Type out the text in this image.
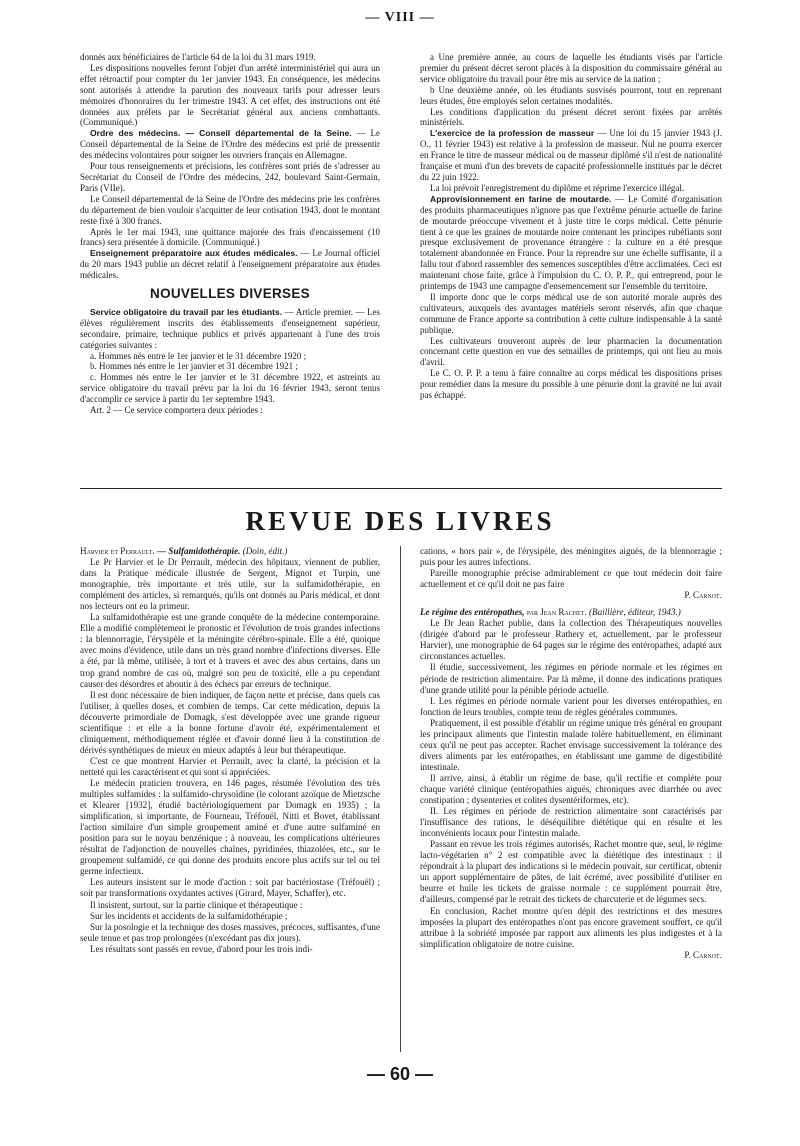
— VIII —

donnés aux bénéficiaires de l'article 64 de la loi du 31 mars 1919.

Les dispositions nouvelles feront l'objet d'un arrêté interministériel qui aura un effet rétroactif pour compter du 1er janvier 1943. En conséquence, les médecins sont autorisés à attendre la parution des nouveaux tarifs pour adresser leurs mémoires d'honoraires du 1er trimestre 1943. A cet effet, des instructions ont été données aux préfets par le Secrétariat général aux anciens combattants. (Communiqué.)

Ordre des médecins. — Conseil départemental de la Seine. — Le Conseil départemental de la Seine de l'Ordre des médecins est prié de pressentir des médecins volontaires pour soigner les ouvriers français en Allemagne.

Pour tous renseignements et précisions, les confrères sont priés de s'adresser au Secrétariat du Conseil de l'Ordre des médecins, 242, boulevard Saint-Germain, Paris (VIIe).

Le Conseil départemental de la Seine de l'Ordre des médecins prie les confrères du département de bien vouloir s'acquitter de leur cotisation 1943, dont le montant reste fixé à 300 francs.

Après le 1er mai 1943, une quittance majorée des frais d'encaissement (10 francs) sera présentée à domicile. (Communiqué.)

Enseignement préparatoire aux études médicales. — Le Journal officiel du 20 mars 1943 publie un décret relatif à l'enseignement préparatoire aux études médicales.

NOUVELLES DIVERSES

Service obligatoire du travail par les étudiants. — Article premier. — Les élèves régulièrement inscrits des établissements d'enseignement supérieur, secondaire, primaire, technique publics et privés appartenant à l'une des trois catégories suivantes :

a. Hommes nés entre le 1er janvier et le 31 décembre 1920 ;

b. Hommes nés entre le 1er janvier et 31 décembre 1921 ;

c. Hommes nés entre le 1er janvier et le 31 décembre 1922, et astreints au service obligatoire du travail prévu par la loi du 16 février 1943, seront tenus d'accomplir ce service à partir du 1er septembre 1943.

Art. 2 — Ce service comportera deux périodes :

a Une première année, au cours de laquelle les étudiants visés par l'article premier du présent décret seront placés à la disposition du commissaire général au service obligatoire du travail pour être mis au service de la nation ;

b Une deuxième année, où les étudiants susvisés pourront, tout en reprenant leurs études, être employés selon certaines modalités.

Les conditions d'application du présent décret seront fixées par arrêtés ministériels.

L'exercice de la profession de masseur — Une loi du 15 janvier 1943 (J. O., 11 février 1943) est relative à la profession de masseur. Nul ne pourra exercer en France le titre de masseur médical ou de masseur diplômé s'il n'est de nationalité française et muni d'un des brevets de capacité professionnelle institués par le décret du 22 juin 1922.

La loi prévoit l'enregistrement du diplôme et réprime l'exercice illégal.

Approvisionnement en farine de moutarde. — Le Comité d'organisation des produits pharmaceutiques n'ignore pas que l'extrême pénurie actuelle de farine de moutarde préoccupe vivement et à juste titre le corps médical. Cette pénurie tient à ce que les graines de moutarde noire contenant les principes rubéfiants sont presque exclusivement de provenance étrangère : la culture en a été presque totalement abandonnée en France. Pour la reprendre sur une échelle suffisante, il a fallu tout d'abord rassembler des semences susceptibles d'être acclimatées. Ceci est maintenant chose faite, grâce à l'impulsion du C. O. P. P., qui entreprend, pour le printemps de 1943 une campagne d'ensemencement sur l'ensemble du territoire.

Il importe donc que le corps médical use de son autorité morale auprès des cultivateurs, auxquels des avantages matériels seront réservés, afin que chaque commune de France apporte sa contribution à cette culture indispensable à la santé publique.

Les cultivateurs trouveront auprès de leur pharmacien la documentation concernant cette question en vue des semailles de printemps, qui ont lieu au mois d'avril.

Le C. O. P. P. a tenu à faire connaître au corps médical les dispositions prises pour remédier dans la mesure du possible à une pénurie dont la gravité ne lui avait pas échappé.

REVUE DES LIVRES

Harvier et Perrault. — Sulfamidothérapie. (Doin, édit.)

Le Pr Harvier et le Dr Perrault, médecin des hôpitaux, viennent de publier, dans la Pratique médicale illustrée de Sergent, Mignot et Turpin, une monographie, très importante et très utile, sur la sulfamidothérapie, en complément des articles, si remarqués, qu'ils ont donnés au Paris médical, et dont nos lecteurs ont eu la primeur.

La sulfamidothérapie est une grande conquête de la médecine contemporaine. Elle a modifié complètement le pronostic et l'évolution de trois grandes infections : la blennorragie, l'érysipèle et la méningite cérébro-spinale. Elle a été, quoique avec moins d'évidence, utile dans un très grand nombre d'infections diverses. Elle a été, par là même, utilisée, à tort et à travers et avec des abus certains, dans un trop grand nombre de cas où, malgré son peu de toxicité, elle a pu cependant causer des désordres et aboutir à des échecs par erreurs de technique.

Il est donc nécessaire de bien indiquer, de façon nette et précise, dans quels cas l'utiliser, à quelles doses, et combien de temps. Car cette médication, depuis la découverte primordiale de Domagk, s'est développée avec une grande rigueur scientifique : et elle a la bonne fortune d'avoir été, expérimentalement et cliniquement, méthodiquement réglée et d'avoir donné lieu à la constitution de dérivés synthétiques de mieux en mieux adaptés à leur but thérapeutique.

C'est ce que montrent Harvier et Perrault, avec la clarté, la précision et la netteté qui les caractérisent et qui sont si appréciées.

Le médecin praticien trouvera, en 146 pages, résumée l'évolution des très multiples sulfamides : la sulfamido-chrysoïdine (le colorant azoïque de Mietzsche et Klearer [1932], étudié bactériologiquement par Domagk en 1935) ; la simplification, si importante, de Fourneau, Tréfouël, Nitti et Bovet, établissant l'action similaire d'un simple groupement aminé et d'une autre sulfaminé en position para sur le noyau benzénique ; à nouveau, les complications ultérieures résultat de l'adjonction de nouvelles chaînes, pyridinées, thiazolées, etc., sur le groupement sulfamidé, ce qui donne des produits encore plus actifs sur tel ou tel germe infectieux.

Les auteurs insistent sur le mode d'action : soit par bactériostase (Tréfouël) ; soit par transformations oxydantes actives (Girard, Mayer, Schaffer), etc.

Il insistent, surtout, sur la partie clinique et thérapeutique :

Sur les incidents et accidents de la sulfamidothérapie ;

Sur la posologie et la technique des doses massives, précoces, suffisantes, d'une seule tenue et pas trop prolongées (n'excédant pas dix jours).

Les résultats sont passés en revue, d'abord pour les trois indi-

cations, « hors pair », de l'érysipèle, des méningites aiguës, de la blennorragie ; puis pour les autres infections.

Pareille monographie précise admirablement ce que tout médecin doit faire actuellement et ce qu'il doit ne pas faire

P. Carnot.

Le régime des entéropathes, par Jean Rachet. (Baillière, éditeur, 1943.)

Le Dr Jean Rachet publie, dans la collection des Thérapeutiques nouvelles (dirigée d'abord par le professeur Rathery et, actuellement, par le professeur Harvier), une monographie de 64 pages sur le régime des entéropathes, adapté aux circonstances actuelles.

Il étudie, successivement, les régimes en période normale et les régimes en période de restriction alimentaire. Par là même, il donne des indications pratiques d'une grande utilité pour la pénible période actuelle.

I. Les régimes en période normale varient pour les diverses entéropathies, en fonction de leurs troubles, compte tenu de règles générales communes.

Pratiquement, il est possible d'établir un régime unique très général en groupant les principaux aliments que l'intestin malade tolère habituellement, en éliminant ceux qu'il ne peut pas accepter. Rachet envisage successivement la tolérance des divers aliments par les entéropathes, en établissant une gamme de digestibilité intestinale.

Il arrive, ainsi, à établir un régime de base, qu'il rectifie et complète pour chaque variété clinique (entéropathies aiguës, chroniques avec diarrhée ou avec constipation ; dysenteries et colites dysentériformes, etc).

II. Les régimes en période de restriction alimentaire sont caractérisés par l'insuffisance des rations, le déséquilibre diététique qui en résulte et les inconvénients locaux pour l'intestin malade.

Passant en revue les trois régimes autorisés, Rachet montre que, seul, le régime lacto-végétarien n° 2 est compatible avec la diététique des intestinaux : il répondrait à la plupart des indications si le médecin pouvait, sur certificat, obtenir un apport supplémentaire de pâtes, de lait écrémé, avec possibilité d'utiliser en beurre et huile les tickets de graisse normale : ce supplément pourrait être, d'ailleurs, compensé par le retrait des tickets de charcuterie et de légumes secs.

En conclusion, Rachet montre qu'en dépit des restrictions et des mesures imposées la plupart des entéropathes n'ont pas encore gravement souffert, ce qu'il attribue à la sobriété imposée par rapport aux aliments les plus indigestes et à la simplification obligatoire de notre cuisine.

P. Carnot.

— 60 —
